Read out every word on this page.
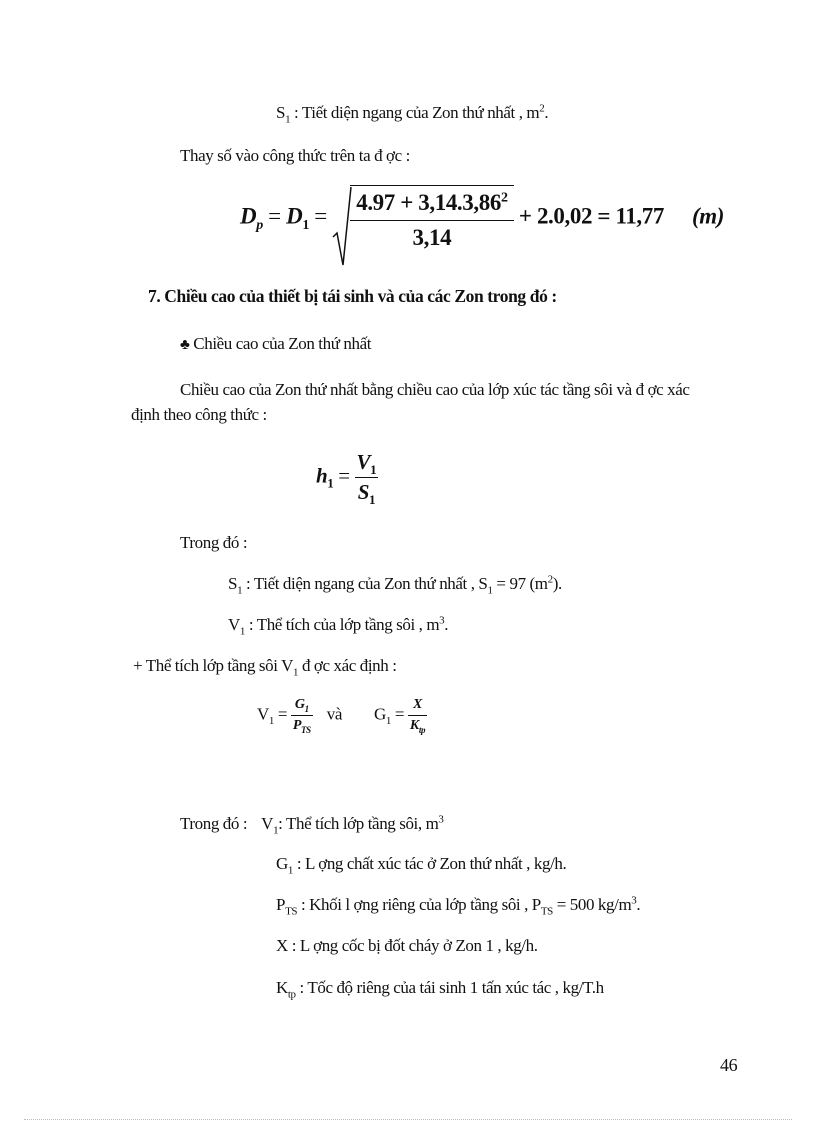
$S_1$ : Tiết diện ngang của Zon thứ nhất , $m^2$.
Thay số vào công thức trên ta đ ợc :
$D_p = D_1 = \frac{4.97 + 3,14.3,86^2}{3,14} + 2.0,02 = 11,77$ (m)
7. Chiều cao của thiết bị tái sinh và của các Zon trong đó :
♣ Chiều cao của Zon thứ nhất
Chiều cao của Zon thứ nhất bằng chiều cao của lớp xúc tác tầng sôi và đ ợc xác
định theo công thức :
$h_1 = \frac{V_1}{S_1}$
Trong đó :
$S_1$ : Tiết diện ngang của Zon thứ nhất , $S_1 = 97$ $(m^2)$.
$V_1$ : Thể tích của lớp tầng sôi , $m^3$.
+ Thể tích lớp tầng sôi $V_1$ đ ợc xác định :
$V_1 = \frac{G_1}{P_{TS}}$ và $G_1 = \frac{X}{K_{tp}}$
Trong đó : $V_1$: Thể tích lớp tầng sôi, $m^3$
$G_1$ : L ợng chất xúc tác ở Zon thứ nhất , kg/h.
$P_{TS}$ : Khối l ợng riêng của lớp tầng sôi , $P_{TS} = 500$ $kg/m^3$.
X : L ợng cốc bị đốt cháy ở Zon 1 , kg/h.
$K_{tp}$ : Tốc độ riêng của tái sinh 1 tấn xúc tác , kg/T.h
46
